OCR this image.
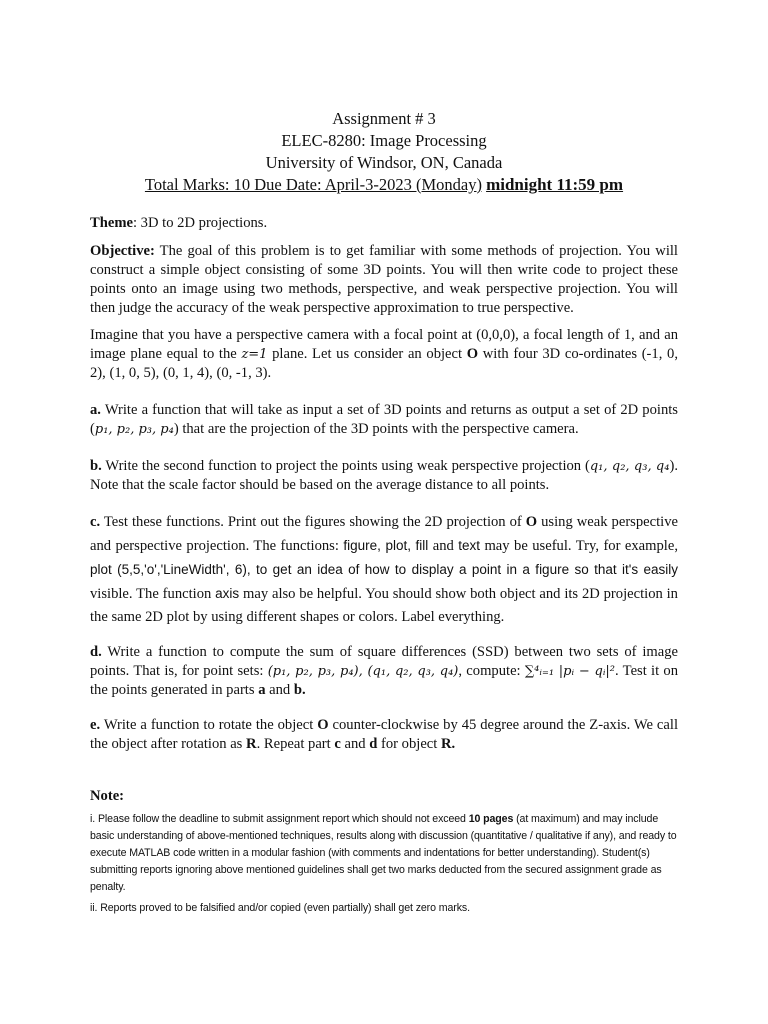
Assignment # 3
ELEC-8280: Image Processing
University of Windsor, ON, Canada
Total Marks: 10 Due Date: April-3-2023 (Monday) midnight 11:59 pm

Theme: 3D to 2D projections.

Objective: The goal of this problem is to get familiar with some methods of projection. You will construct a simple object consisting of some 3D points. You will then write code to project these points onto an image using two methods, perspective, and weak perspective projection. You will then judge the accuracy of the weak perspective approximation to true perspective.

Imagine that you have a perspective camera with a focal point at (0,0,0), a focal length of 1, and an image plane equal to the z=1 plane. Let us consider an object O with four 3D co-ordinates (-1, 0, 2), (1, 0, 5), (0, 1, 4), (0, -1, 3).

a. Write a function that will take as input a set of 3D points and returns as output a set of 2D points (p₁, p₂, p₃, p₄) that are the projection of the 3D points with the perspective camera.

b. Write the second function to project the points using weak perspective projection (q₁, q₂, q₃, q₄). Note that the scale factor should be based on the average distance to all points.

c. Test these functions. Print out the figures showing the 2D projection of O using weak perspective and perspective projection. The functions: figure, plot, fill and text may be useful. Try, for example, plot (5,5,'o','LineWidth', 6), to get an idea of how to display a point in a figure so that it's easily visible. The function axis may also be helpful. You should show both object and its 2D projection in the same 2D plot by using different shapes or colors. Label everything.

d. Write a function to compute the sum of square differences (SSD) between two sets of image points. That is, for point sets: (p₁, p₂, p₃, p₄), (q₁, q₂, q₃, q₄), compute: ∑⁴ᵢ₌₁ |pᵢ − qᵢ|². Test it on the points generated in parts a and b.

e. Write a function to rotate the object O counter-clockwise by 45 degree around the Z-axis. We call the object after rotation as R. Repeat part c and d for object R.

Note:

i. Please follow the deadline to submit assignment report which should not exceed 10 pages (at maximum) and may include basic understanding of above-mentioned techniques, results along with discussion (quantitative / qualitative if any), and ready to execute MATLAB code written in a modular fashion (with comments and indentations for better understanding). Student(s) submitting reports ignoring above mentioned guidelines shall get two marks deducted from the secured assignment grade as penalty.

ii. Reports proved to be falsified and/or copied (even partially) shall get zero marks.
